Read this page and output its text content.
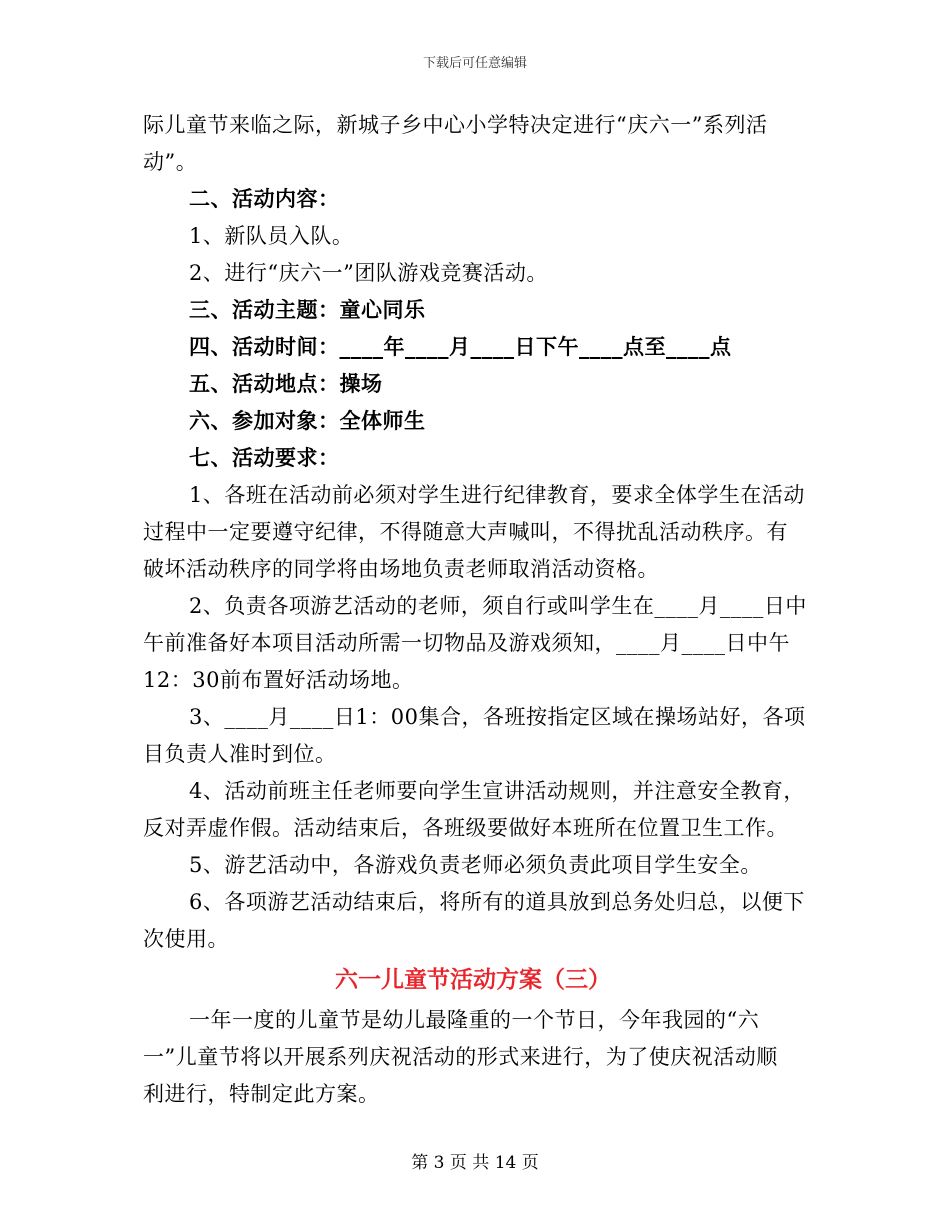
下载后可任意编辑
际儿童节来临之际，新城子乡中心小学特决定进行“庆六一”系列活
动”。
二、活动内容：
1、新队员入队。
2、进行“庆六一”团队游戏竞赛活动。
三、活动主题：童心同乐
四、活动时间：____年____月____日下午____点至____点
五、活动地点：操场
六、参加对象：全体师生
七、活动要求：
1、各班在活动前必须对学生进行纪律教育，要求全体学生在活动
过程中一定要遵守纪律，不得随意大声喊叫，不得扰乱活动秩序。有
破坏活动秩序的同学将由场地负责老师取消活动资格。
2、负责各项游艺活动的老师，须自行或叫学生在____月____日中
午前准备好本项目活动所需一切物品及游戏须知，____月____日中午
12：30前布置好活动场地。
3、____月____日1：00集合，各班按指定区域在操场站好，各项
目负责人准时到位。
4、活动前班主任老师要向学生宣讲活动规则，并注意安全教育，
反对弄虚作假。活动结束后，各班级要做好本班所在位置卫生工作。
5、游艺活动中，各游戏负责老师必须负责此项目学生安全。
6、各项游艺活动结束后，将所有的道具放到总务处归总，以便下
次使用。
六一儿童节活动方案（三）
一年一度的儿童节是幼儿最隆重的一个节日，今年我园的“六
一”儿童节将以开展系列庆祝活动的形式来进行，为了使庆祝活动顺
利进行，特制定此方案。
第 3 页 共 14 页
